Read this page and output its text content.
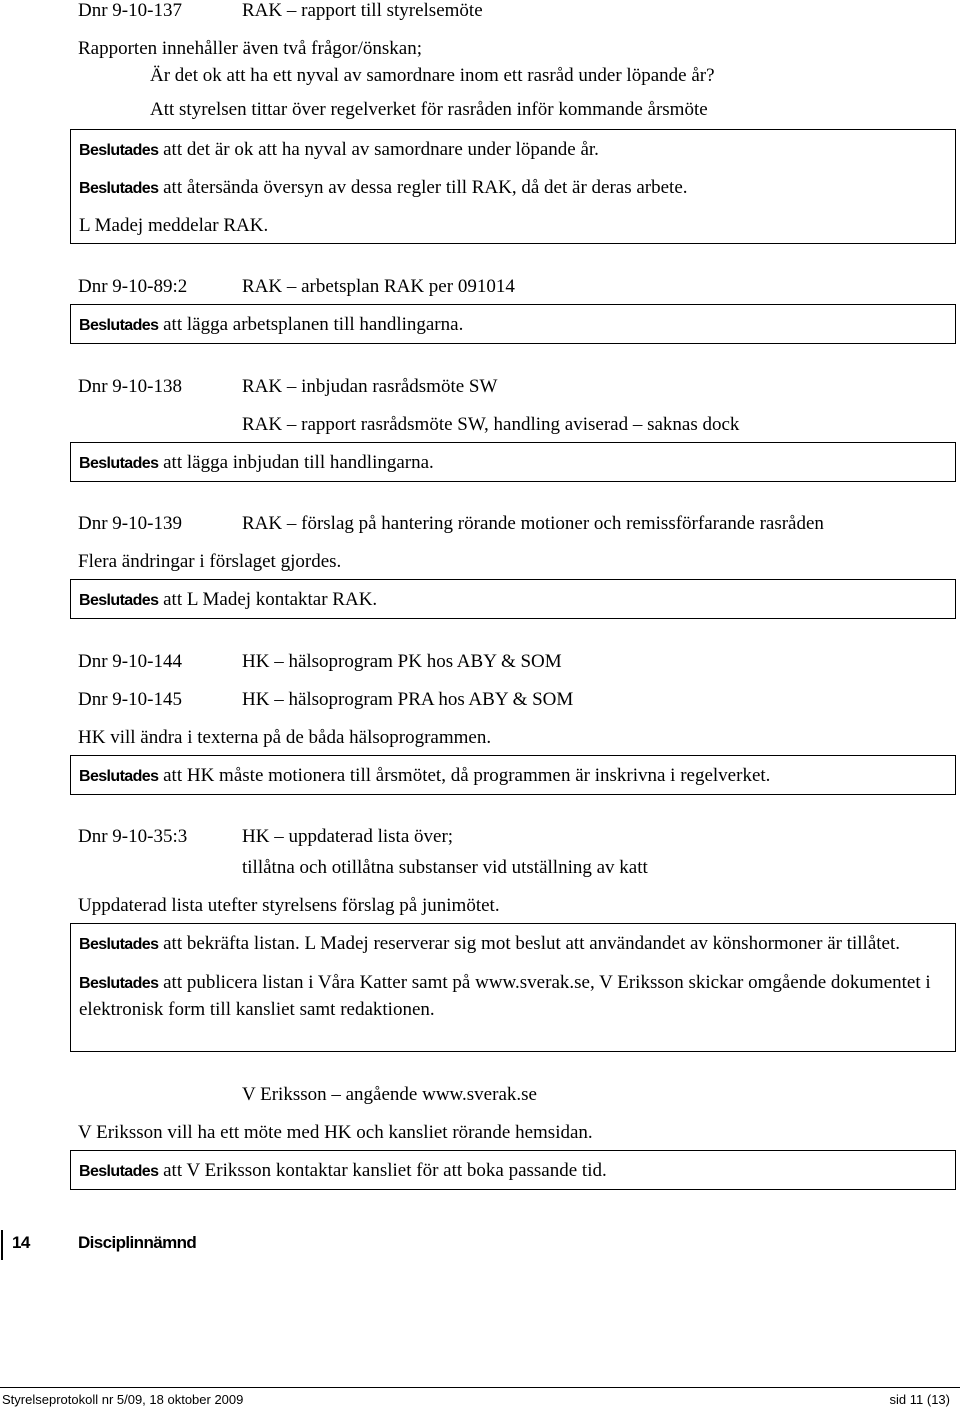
Dnr 9-10-137	RAK – rapport till styrelsemöte
Rapporten innehåller även två frågor/önskan;
Är det ok att ha ett nyval av samordnare inom ett rasråd under löpande år?
Att styrelsen tittar över regelverket för rasråden inför kommande årsmöte
Beslutades att det är ok att ha nyval av samordnare under löpande år.
Beslutades att återsända översyn av dessa regler till RAK, då det är deras arbete.
L Madej meddelar RAK.
Dnr 9-10-89:2	RAK – arbetsplan RAK per 091014
Beslutades att lägga arbetsplanen till handlingarna.
Dnr 9-10-138	RAK – inbjudan rasrådsmöte SW
RAK – rapport rasrådsmöte SW, handling aviserad – saknas dock
Beslutades att lägga inbjudan till handlingarna.
Dnr 9-10-139	RAK – förslag på hantering rörande motioner och remissförfarande rasråden
Flera ändringar i förslaget gjordes.
Beslutades att L Madej kontaktar RAK.
Dnr 9-10-144	HK – hälsoprogram PK hos ABY & SOM
Dnr 9-10-145	HK – hälsoprogram PRA hos ABY & SOM
HK vill ändra i texterna på de båda hälsoprogrammen.
Beslutades att HK måste motionera till årsmötet, då programmen är inskrivna i regelverket.
Dnr 9-10-35:3	HK – uppdaterad lista över;
tillåtna och otillåtna substanser vid utställning av katt
Uppdaterad lista utefter styrelsens förslag på junimötet.
Beslutades att bekräfta listan. L Madej reserverar sig mot beslut att användandet av könshormoner är tillåtet.
Beslutades att publicera listan i Våra Katter samt på www.sverak.se, V Eriksson skickar omgående dokumentet i elektronisk form till kansliet samt redaktionen.
V Eriksson – angående www.sverak.se
V Eriksson vill ha ett möte med HK och kansliet rörande hemsidan.
Beslutades att V Eriksson kontaktar kansliet för att boka passande tid.
14	Disciplinnämnd
Styrelseprotokoll nr 5/09, 18 oktober 2009	sid 11 (13)
